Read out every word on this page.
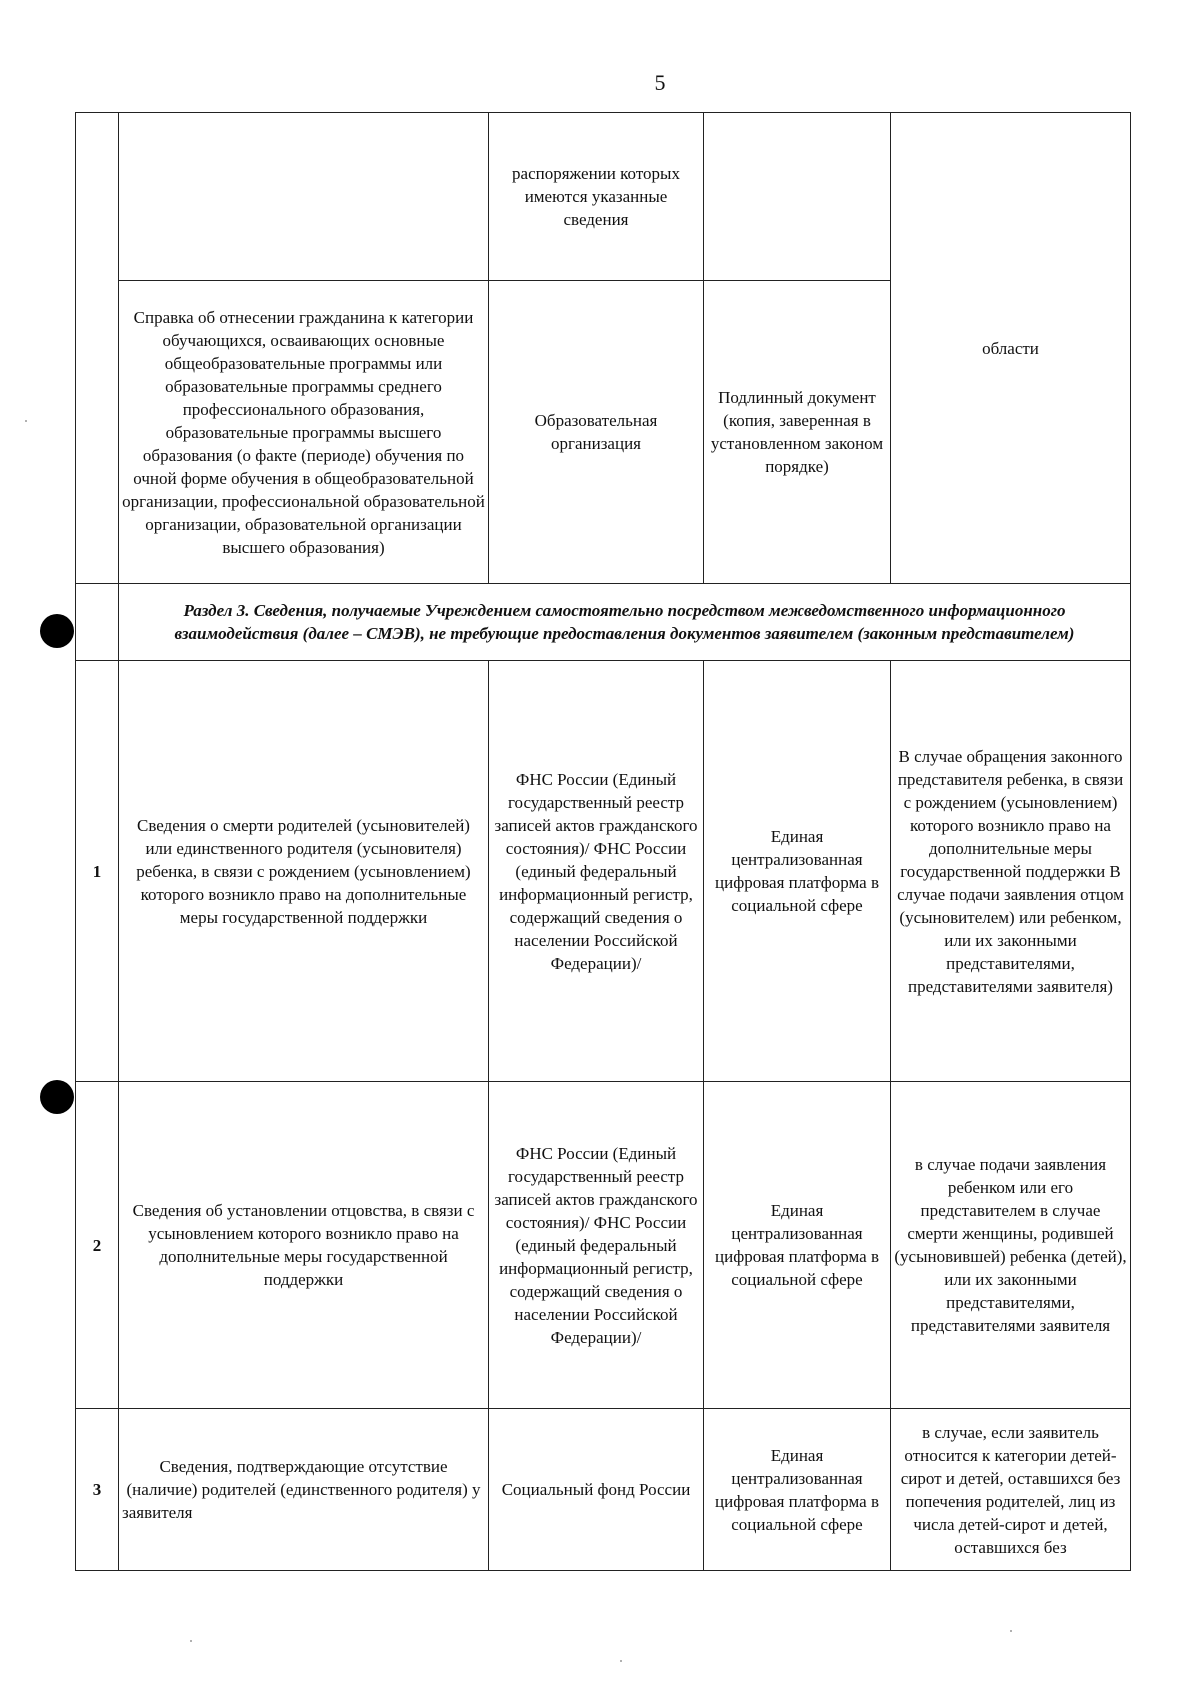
5
		распоряжении которых имеются указанные сведения		области
	Справка об отнесении гражданина к категории обучающихся, осваивающих основные общеобразовательные программы или образовательные программы среднего профессионального образования, образовательные программы высшего образования (о факте (периоде) обучения по очной форме обучения в общеобразовательной организации, профессиональной образовательной организации, образовательной организации высшего образования)	Образовательная организация	Подлинный документ (копия, заверенная в установленном законом порядке)	
	Раздел 3. Сведения, получаемые Учреждением самостоятельно посредством межведомственного информационного взаимодействия (далее – СМЭВ), не требующие предоставления документов заявителем (законным представителем)			
1	Сведения о смерти родителей (усыновителей) или единственного родителя (усыновителя) ребенка, в связи с рождением (усыновлением) которого возникло право на дополнительные меры государственной поддержки	ФНС России (Единый государственный реестр записей актов гражданского состояния)/ ФНС России (единый федеральный информационный регистр, содержащий сведения о населении Российской Федерации)/	Единая централизованная цифровая платформа в социальной сфере	В случае обращения законного представителя ребенка, в связи с рождением (усыновлением) которого возникло право на дополнительные меры государственной поддержки В случае подачи заявления отцом (усыновителем) или ребенком, или их законными представителями, представителями заявителя)
2	Сведения об установлении отцовства, в связи с усыновлением которого возникло право на дополнительные меры государственной поддержки	ФНС России (Единый государственный реестр записей актов гражданского состояния)/ ФНС России (единый федеральный информационный регистр, содержащий сведения о населении Российской Федерации)/	Единая централизованная цифровая платформа в социальной сфере	в случае подачи заявления ребенком или его представителем в случае смерти женщины, родившей (усыновившей) ребенка (детей), или их законными представителями, представителями заявителя
3	Сведения, подтверждающие отсутствие (наличие) родителей (единственного родителя) у заявителя	Социальный фонд России	Единая централизованная цифровая платформа в социальной сфере	в случае, если заявитель относится к категории детей-сирот и детей, оставшихся без попечения родителей, лиц из числа детей-сирот и детей, оставшихся без
